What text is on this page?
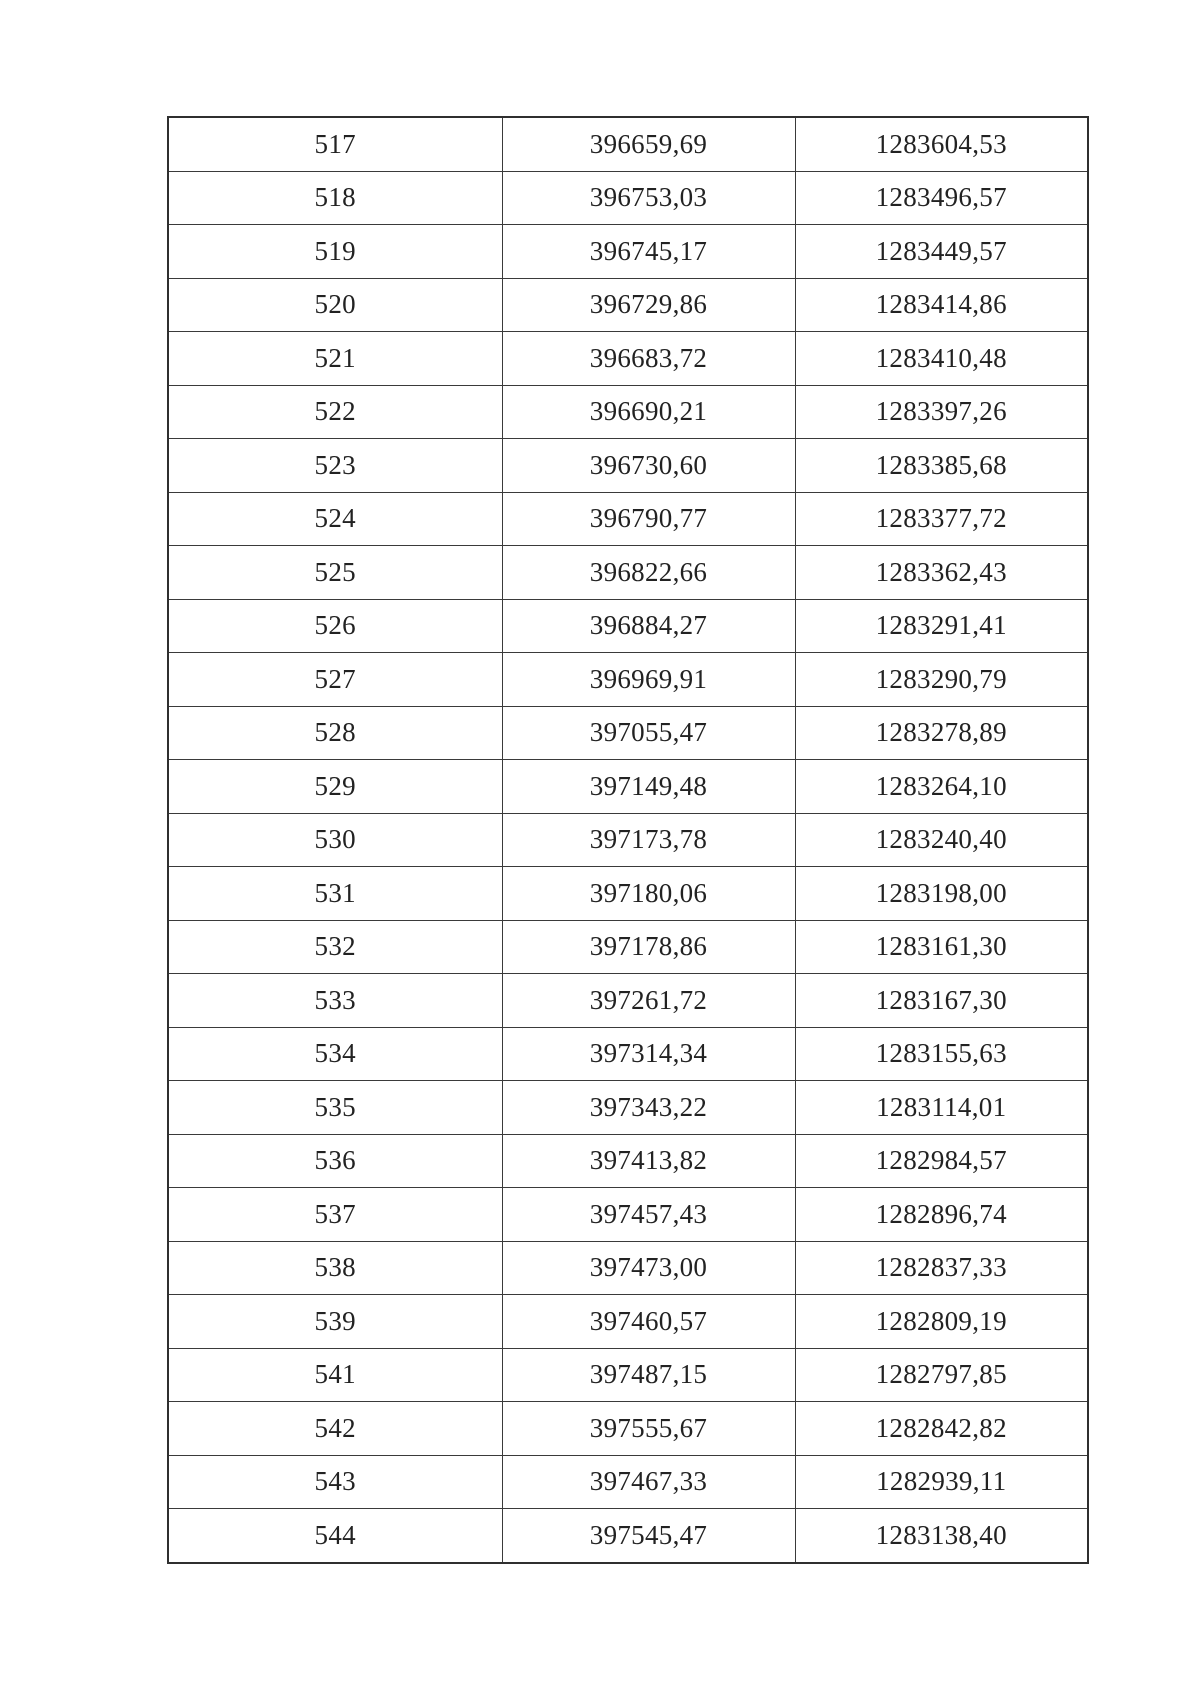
517	396659,69	1283604,53
518	396753,03	1283496,57
519	396745,17	1283449,57
520	396729,86	1283414,86
521	396683,72	1283410,48
522	396690,21	1283397,26
523	396730,60	1283385,68
524	396790,77	1283377,72
525	396822,66	1283362,43
526	396884,27	1283291,41
527	396969,91	1283290,79
528	397055,47	1283278,89
529	397149,48	1283264,10
530	397173,78	1283240,40
531	397180,06	1283198,00
532	397178,86	1283161,30
533	397261,72	1283167,30
534	397314,34	1283155,63
535	397343,22	1283114,01
536	397413,82	1282984,57
537	397457,43	1282896,74
538	397473,00	1282837,33
539	397460,57	1282809,19
541	397487,15	1282797,85
542	397555,67	1282842,82
543	397467,33	1282939,11
544	397545,47	1283138,40
